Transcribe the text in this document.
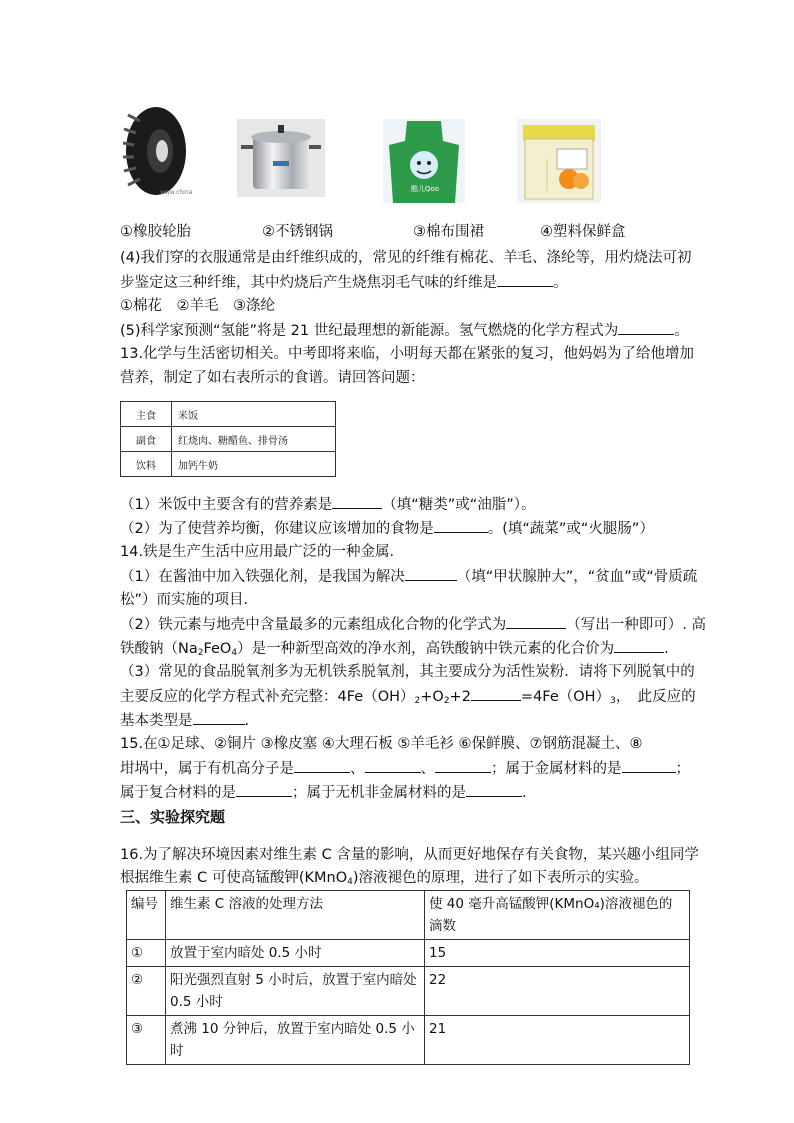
www.china	酷儿Qoo
①橡胶轮胎	②不锈钢锅	③棉布围裙	④塑料保鲜盒
(4)我们穿的衣服通常是由纤维织成的，常见的纤维有棉花、羊毛、涤纶等，用灼烧法可初
步鉴定这三种纤维，其中灼烧后产生烧焦羽毛气味的纤维是	。
①棉花　②羊毛　③涤纶
(5)科学家预测“氢能”将是 21 世纪最理想的新能源。氢气燃烧的化学方程式为	。
13.化学与生活密切相关。中考即将来临，小明每天都在紧张的复习，他妈妈为了给他增加
营养，制定了如右表所示的食谱。请回答问题：
主食	米饭
副食	红烧肉、糖醋鱼、排骨汤
饮料	加钙牛奶
（1）米饭中主要含有的营养素是	（填“糖类”或“油脂”）。
（2）为了使营养均衡，你建议应该增加的食物是	。(填“蔬菜”或“火腿肠”）
14.铁是生产生活中应用最广泛的一种金属．
（1）在酱油中加入铁强化剂，是我国为解决	（填“甲状腺肿大”，“贫血”或“骨质疏
松”）而实施的项目．
（2）铁元素与地壳中含量最多的元素组成化合物的化学式为	（写出一种即可）. 高
铁酸钠$(Na_2FeO_4)$是一种新型高效的净水剂，高铁酸钠中铁元素的化合价为	.
（3）常见的食品脱氧剂多为无机铁系脱氧剂，其主要成分为活性炭粉．请将下列脱氧中的
主要反应的化学方程式补充完整：$4Fe(OH)_2+O_2+2$	$=4Fe(OH)_3$，　此反应的
基本类型是	.
15.在①足球、②铜片 ③橡皮塞 ④大理石板 ⑤羊毛衫 ⑥保鲜膜、⑦钢筋混凝土、⑧
坩埚中，属于有机高分子是	、	、	；属于金属材料的是	；
属于复合材料的是	；属于无机非金属材料的是	.
三、实验探究题
16.为了解决环境因素对维生素 C 含量的影响，从而更好地保存有关食物，某兴趣小组同学
根据维生素 C 可使高锰酸钾(KMnO$_4$)溶液褪色的原理，进行了如下表所示的实验。
编号	维生素 C 溶液的处理方法	使 40 毫升高锰酸钾(KMnO₄)溶液褪色的滴数
①	放置于室内暗处 0.5 小时	15
②	阳光强烈直射 5 小时后，放置于室内暗处 0.5 小时	22
③	煮沸 10 分钟后，放置于室内暗处 0.5 小时	21
